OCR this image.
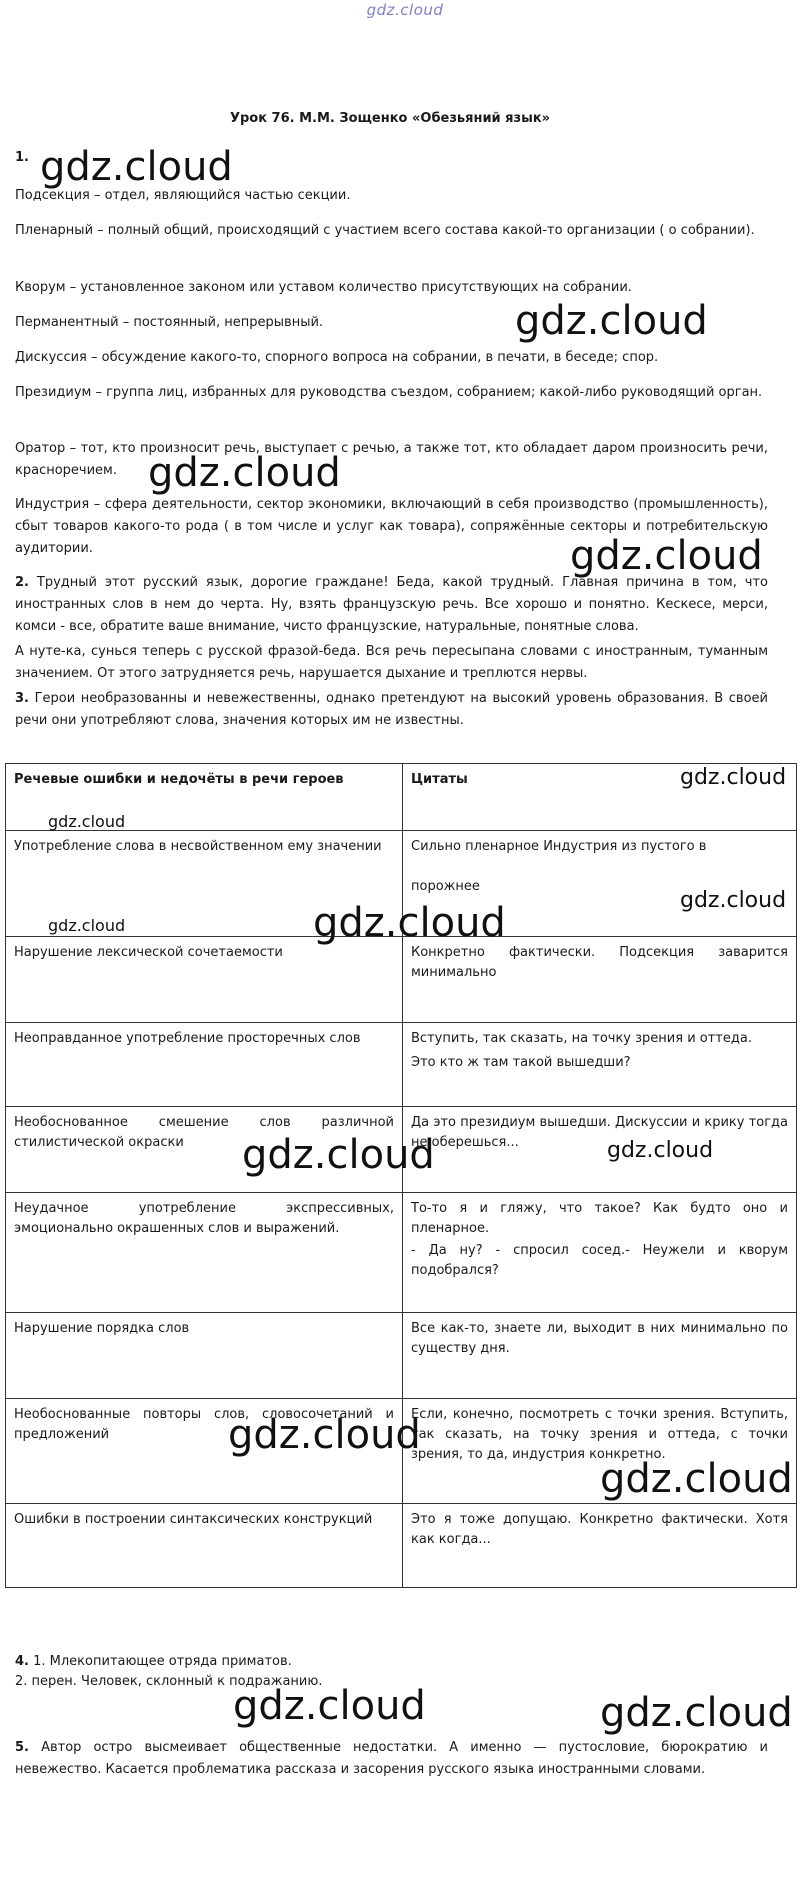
gdz.cloud
Урок 76. М.М. Зощенко «Обезьяний язык»
1.
Подсекция – отдел, являющийся частью секции.
Пленарный – полный общий, происходящий с участием всего состава какой-то организации ( о собрании).
Кворум – установленное законом или уставом количество присутствующих на собрании.
Перманентный – постоянный, непрерывный.
Дискуссия – обсуждение какого-то, спорного вопроса на собрании, в печати, в беседе; спор.
Президиум – группа лиц, избранных для руководства съездом, собранием; какой-либо руководящий орган.
Оратор – тот, кто произносит речь, выступает с речью, а также тот, кто обладает даром произносить речи, красноречием.
Индустрия – сфера деятельности, сектор экономики, включающий в себя производство (промышленность), сбыт товаров какого-то рода ( в том числе и услуг как товара), сопряжённые секторы и потребительскую аудитории.
2. Трудный этот русский язык, дорогие граждане! Беда, какой трудный. Главная причина в том, что иностранных слов в нем до черта. Ну, взять французскую речь. Все хорошо и понятно. Кескесе, мерси, комси - все, обратите ваше внимание, чисто французские, натуральные, понятные слова.
А нуте-ка, сунься теперь с русской фразой-беда. Вся речь пересыпана словами с иностранным, туманным значением. От этого затрудняется речь, нарушается дыхание и треплются нервы.
3. Герои необразованны и невежественны, однако претендуют на высокий уровень образования. В своей речи они употребляют слова, значения которых им не известны.
Речевые ошибки и недочёты в речи героев	Цитаты
Употребление слова в несвойственном ему значении	Сильно пленарное Индустрия из пустого в
порожнее

Нарушение лексической сочетаемости	Конкретно фактически. Подсекция заварится минимально

Неоправданное употребление просторечных слов	Вступить, так сказать, на точку зрения и оттеда.
Это кто ж там такой вышедши?

Необоснованное смешение слов различной стилистической окраски	Да это президиум вышедши. Дискуссии и крику тогда не оберешься...

Неудачное употребление экспрессивных, эмоционально окрашенных слов и выражений.	То-то я и гляжу, что такое? Как будто оно и пленарное.
- Да ну? - спросил сосед.- Неужели и кворум подобрался?

Нарушение порядка слов	Все как-то, знаете ли, выходит в них минимально по существу дня.

Необоснованные повторы слов, словосочетаний и предложений	Если, конечно, посмотреть с точки зрения. Вступить, так сказать, на точку зрения и оттеда, с точки зрения, то да, индустрия конкретно.

Ошибки в построении синтаксических конструкций	Это я тоже допущаю. Конкретно фактически. Хотя как когда...
4. 1. Млекопитающее отряда приматов.
2. перен. Человек, склонный к подражанию.
5. Автор остро высмеивает общественные недостатки. А именно — пустословие, бюрократию и невежество. Касается проблематика рассказа и засорения русского языка иностранными словами.
gdz.cloud
gdz.cloud
gdz.cloud
gdz.cloud
gdz.cloud
gdz.cloud
gdz.cloud
gdz.cloud	gdz.cloud
gdz.cloud	gdz.cloud
gdz.cloud
gdz.cloud
gdz.cloud	gdz.cloud
